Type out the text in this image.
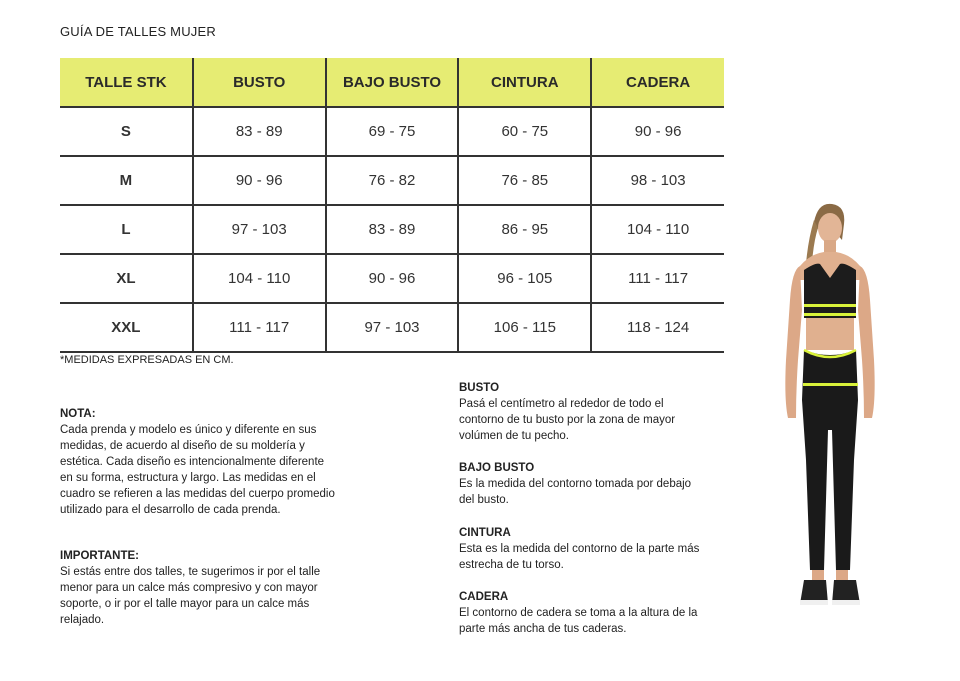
GUÍA DE TALLES MUJER
TALLE STK	BUSTO	BAJO BUSTO	CINTURA	CADERA
S	83 - 89	69 - 75	60 - 75	90 - 96
M	90 - 96	76 - 82	76 - 85	98 - 103
L	97 - 103	83 - 89	86 - 95	104 - 110
XL	104 - 110	90 - 96	96 - 105	111 - 117
XXL	111 - 117	97 - 103	106 - 115	118 - 124
*MEDIDAS EXPRESADAS EN CM.
NOTA:
Cada prenda y modelo es único y diferente en sus medidas, de acuerdo al diseño de su moldería y estética. Cada diseño es intencionalmente diferente en su forma, estructura y largo. Las medidas en el cuadro se refieren a las medidas del cuerpo promedio utilizado para el desarrollo de cada prenda.
IMPORTANTE:
Si estás entre dos talles, te sugerimos ir por el talle menor para un calce más compresivo y con mayor soporte, o ir por el talle mayor para un calce más relajado.
BUSTO
Pasá el centímetro al rededor de todo el contorno de tu busto por la zona de mayor volúmen de tu pecho.
BAJO BUSTO
Es la medida del contorno tomada por debajo del busto.
CINTURA
Esta es la medida del contorno de la parte más estrecha de tu torso.
CADERA
El contorno de cadera se toma a la altura de la parte más ancha de tus caderas.
